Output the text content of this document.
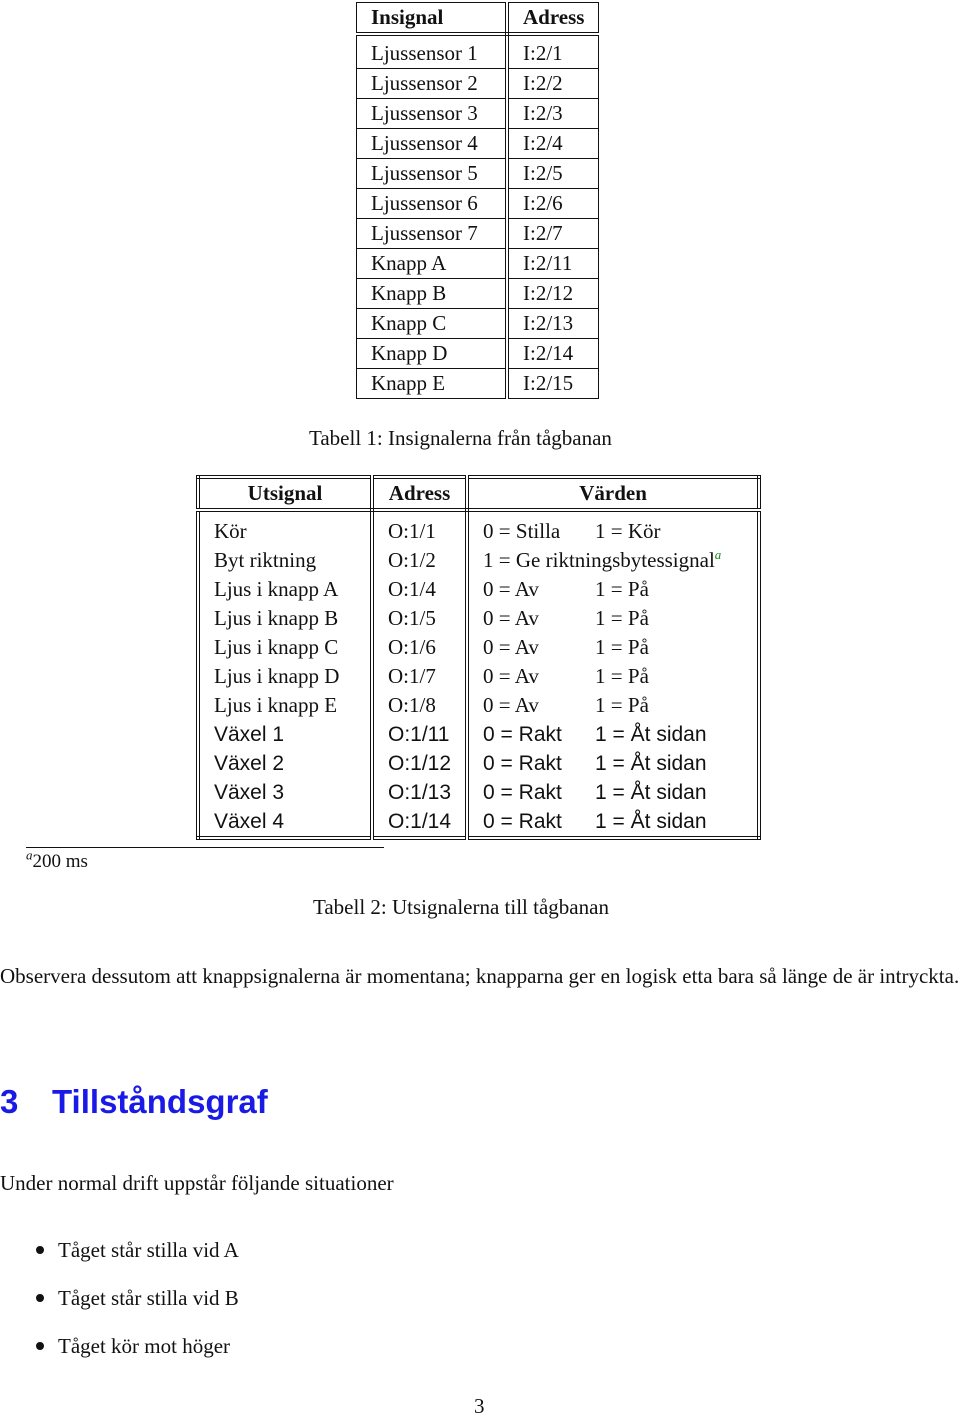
Insignal	Adress
Ljussensor 1	I:2/1
Ljussensor 2	I:2/2
Ljussensor 3	I:2/3
Ljussensor 4	I:2/4
Ljussensor 5	I:2/5
Ljussensor 6	I:2/6
Ljussensor 7	I:2/7
Knapp A	I:2/11
Knapp B	I:2/12
Knapp C	I:2/13
Knapp D	I:2/14
Knapp E	I:2/15
Tabell 1: Insignalerna från tågbanan
Utsignal	Adress	Värden
Kör	O:1/1	0 = Stilla 1 = Kör
Byt riktning	O:1/2	1 = Ge riktningsbytessignal$^a$
Ljus i knapp A	O:1/4	0 = Av 1 = På
Ljus i knapp B	O:1/5	0 = Av 1 = På
Ljus i knapp C	O:1/6	0 = Av 1 = På
Ljus i knapp D	O:1/7	0 = Av 1 = På
Ljus i knapp E	O:1/8	0 = Av 1 = På
Växel 1	O:1/11	0 = Rakt 1 = Åt sidan
Växel 2	O:1/12	0 = Rakt 1 = Åt sidan
Växel 3	O:1/13	0 = Rakt 1 = Åt sidan
Växel 4	O:1/14	0 = Rakt 1 = Åt sidan
$^a$200 ms
Tabell 2: Utsignalerna till tågbanan
Observera dessutom att knappsignalerna är momentana; knapparna ger en logisk etta bara så länge de är intryckta.
3 Tillståndsgraf
Under normal drift uppstår följande situationer
Tåget står stilla vid A
Tåget står stilla vid B
Tåget kör mot höger
3
